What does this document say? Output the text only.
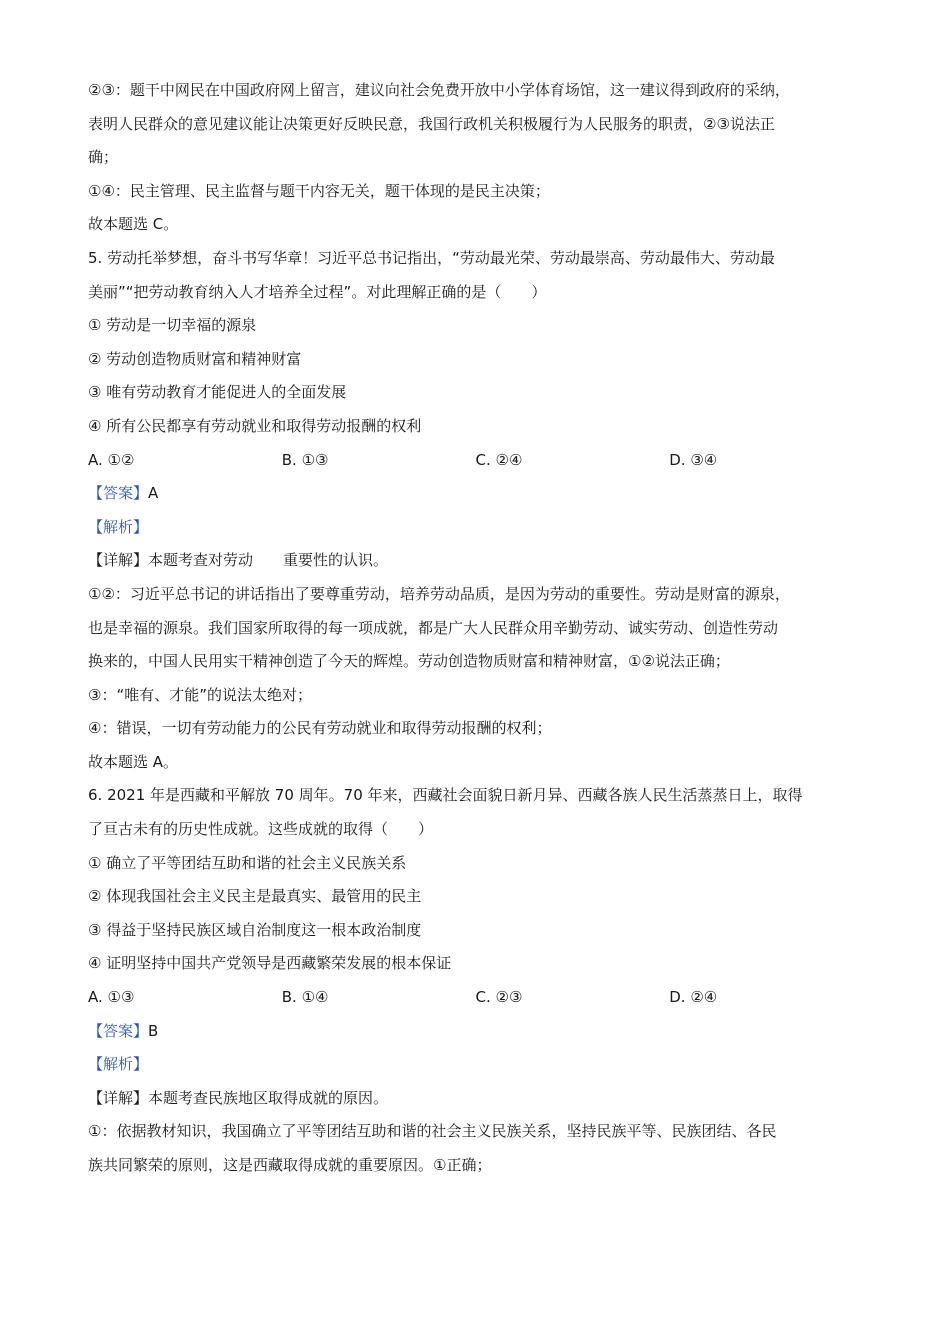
②③：题干中网民在中国政府网上留言，建议向社会免费开放中小学体育场馆，这一建议得到政府的采纳，
表明人民群众的意见建议能让决策更好反映民意，我国行政机关积极履行为人民服务的职责，②③说法正
确；
①④：民主管理、民主监督与题干内容无关，题干体现的是民主决策；
故本题选 C。
5. 劳动托举梦想，奋斗书写华章！习近平总书记指出，“劳动最光荣、劳动最崇高、劳动最伟大、劳动最
美丽”“把劳动教育纳入人才培养全过程”。对此理解正确的是（　　）
① 劳动是一切幸福的源泉
② 劳动创造物质财富和精神财富
③ 唯有劳动教育才能促进人的全面发展
④ 所有公民都享有劳动就业和取得劳动报酬的权利
A. ①②	B. ①③	C. ②④	D. ③④
【答案】A
【解析】
【详解】本题考查对劳动 重要性的认识。
①②：习近平总书记的讲话指出了要尊重劳动，培养劳动品质，是因为劳动的重要性。劳动是财富的源泉，
也是幸福的源泉。我们国家所取得的每一项成就，都是广大人民群众用辛勤劳动、诚实劳动、创造性劳动
换来的，中国人民用实干精神创造了今天的辉煌。劳动创造物质财富和精神财富，①②说法正确；
③：“唯有、才能”的说法太绝对；
④：错误，一切有劳动能力的公民有劳动就业和取得劳动报酬的权利；
故本题选 A。
6. 2021 年是西藏和平解放 70 周年。70 年来，西藏社会面貌日新月异、西藏各族人民生活蒸蒸日上，取得
了亘古未有的历史性成就。这些成就的取得（　　）
① 确立了平等团结互助和谐的社会主义民族关系
② 体现我国社会主义民主是最真实、最管用的民主
③ 得益于坚持民族区域自治制度这一根本政治制度
④ 证明坚持中国共产党领导是西藏繁荣发展的根本保证
A. ①③	B. ①④	C. ②③	D. ②④
【答案】B
【解析】
【详解】本题考查民族地区取得成就的原因。
①：依据教材知识，我国确立了平等团结互助和谐的社会主义民族关系，坚持民族平等、民族团结、各民
族共同繁荣的原则，这是西藏取得成就的重要原因。①正确；
